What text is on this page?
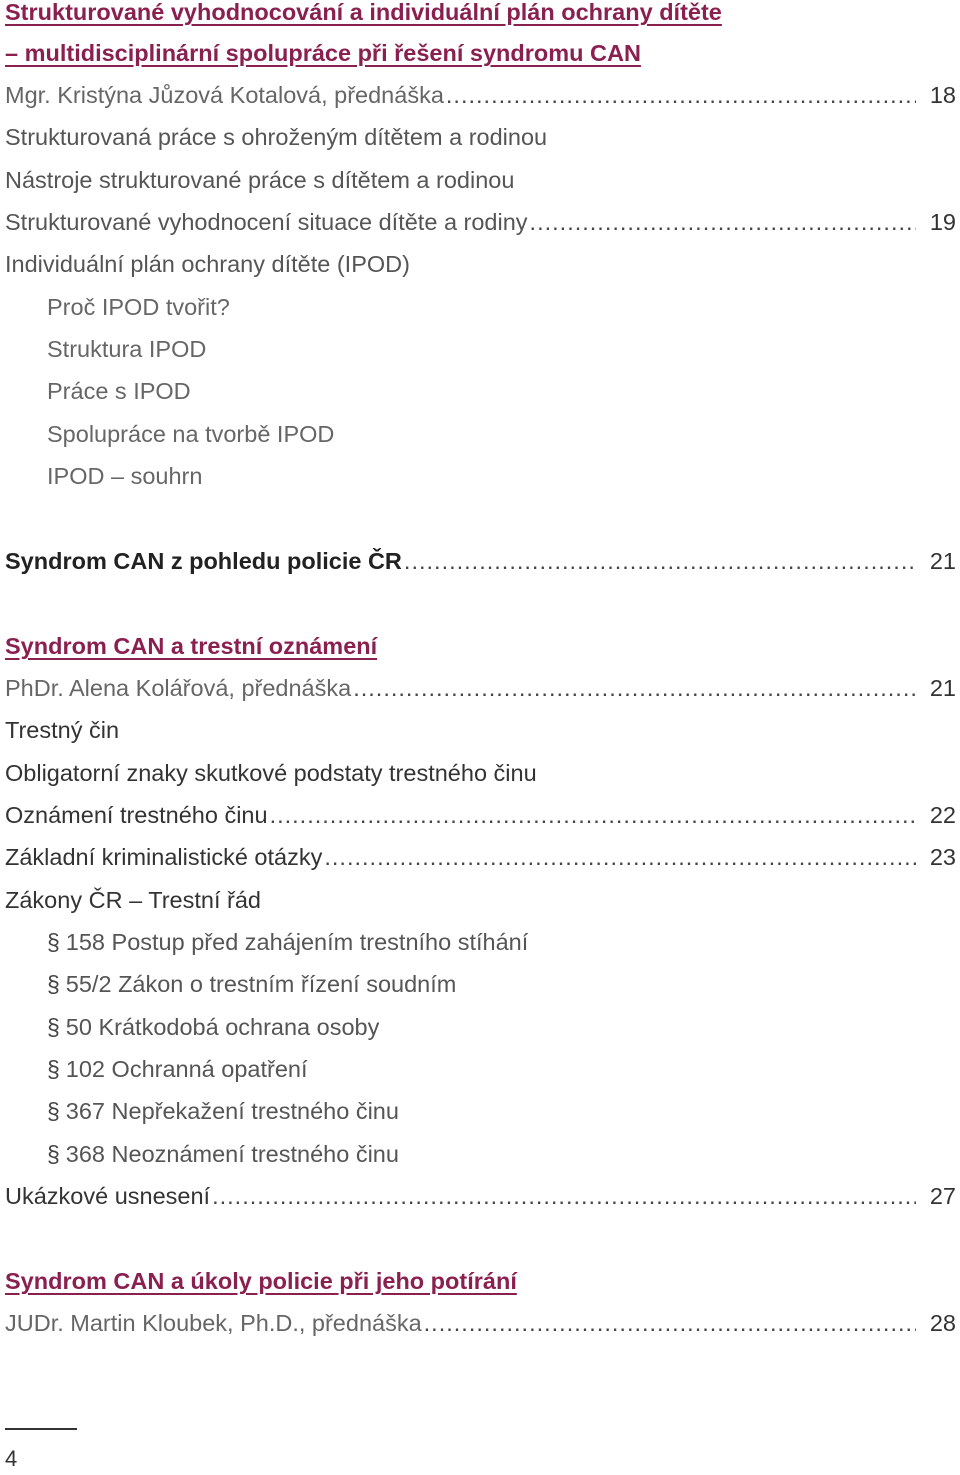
Strukturované vyhodnocování a individuální plán ochrany dítěte
– multidisciplinární spolupráce při řešení syndromu CAN
Mgr. Kristýna Jůzová Kotalová, přednáška .....	18
Strukturovaná práce s ohroženým dítětem a rodinou
Nástroje strukturované práce s dítětem a rodinou
Strukturované vyhodnocení situace dítěte a rodiny .....	19
Individuální plán ochrany dítěte (IPOD)
Proč IPOD tvořit?
Struktura IPOD
Práce s IPOD
Spolupráce na tvorbě IPOD
IPOD – souhrn
Syndrom CAN z pohledu policie ČR .....	21
Syndrom CAN a trestní oznámení
PhDr. Alena Kolářová, přednáška .....	21
Trestný čin
Obligatorní znaky skutkové podstaty trestného činu
Oznámení trestného činu .....	22
Základní kriminalistické otázky .....	23
Zákony ČR – Trestní řád
§ 158 Postup před zahájením trestního stíhání
§ 55/2 Zákon o trestním řízení soudním
§ 50 Krátkodobá ochrana osoby
§ 102 Ochranná opatření
§ 367 Nepřekažení trestného činu
§ 368 Neoznámení trestného činu
Ukázkové usnesení .....	27
Syndrom CAN a úkoly policie při jeho potírání
JUDr. Martin Kloubek, Ph.D., přednáška .....	28
4
